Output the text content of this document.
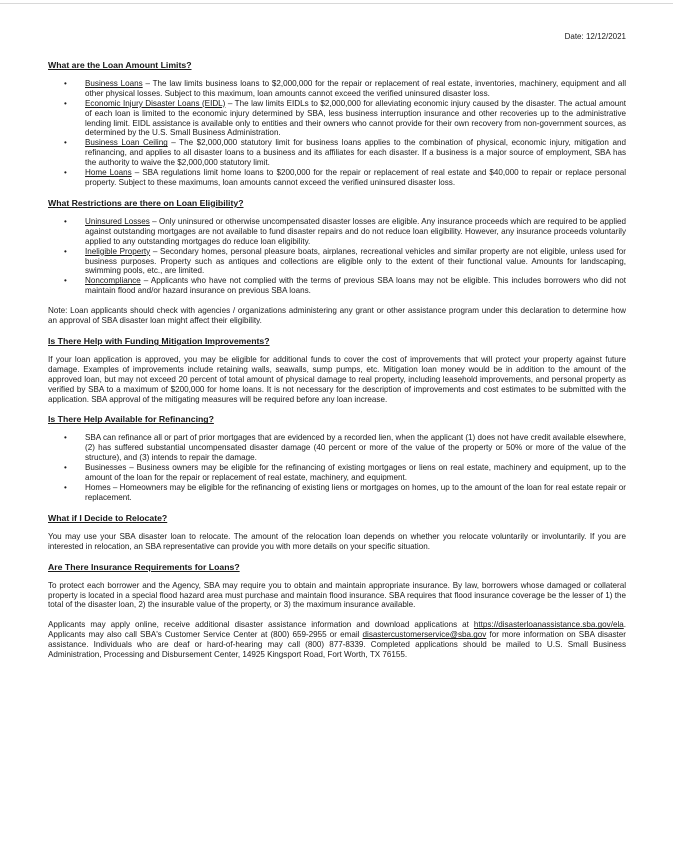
Date: 12/12/2021
What are the Loan Amount Limits?
• Business Loans – The law limits business loans to $2,000,000 for the repair or replacement of real estate, inventories, machinery, equipment and all other physical losses. Subject to this maximum, loan amounts cannot exceed the verified uninsured disaster loss.
• Economic Injury Disaster Loans (EIDL) – The law limits EIDLs to $2,000,000 for alleviating economic injury caused by the disaster. The actual amount of each loan is limited to the economic injury determined by SBA, less business interruption insurance and other recoveries up to the administrative lending limit. EIDL assistance is available only to entities and their owners who cannot provide for their own recovery from non-government sources, as determined by the U.S. Small Business Administration.
• Business Loan Ceiling – The $2,000,000 statutory limit for business loans applies to the combination of physical, economic injury, mitigation and refinancing, and applies to all disaster loans to a business and its affiliates for each disaster. If a business is a major source of employment, SBA has the authority to waive the $2,000,000 statutory limit.
• Home Loans – SBA regulations limit home loans to $200,000 for the repair or replacement of real estate and $40,000 to repair or replace personal property. Subject to these maximums, loan amounts cannot exceed the verified uninsured disaster loss.
What Restrictions are there on Loan Eligibility?
• Uninsured Losses – Only uninsured or otherwise uncompensated disaster losses are eligible. Any insurance proceeds which are required to be applied against outstanding mortgages are not available to fund disaster repairs and do not reduce loan eligibility. However, any insurance proceeds voluntarily applied to any outstanding mortgages do reduce loan eligibility.
• Ineligible Property – Secondary homes, personal pleasure boats, airplanes, recreational vehicles and similar property are not eligible, unless used for business purposes. Property such as antiques and collections are eligible only to the extent of their functional value. Amounts for landscaping, swimming pools, etc., are limited.
• Noncompliance – Applicants who have not complied with the terms of previous SBA loans may not be eligible. This includes borrowers who did not maintain flood and/or hazard insurance on previous SBA loans.

Note: Loan applicants should check with agencies / organizations administering any grant or other assistance program under this declaration to determine how an approval of SBA disaster loan might affect their eligibility.

Is There Help with Funding Mitigation Improvements?

If your loan application is approved, you may be eligible for additional funds to cover the cost of improvements that will protect your property against future damage. Examples of improvements include retaining walls, seawalls, sump pumps, etc. Mitigation loan money would be in addition to the amount of the approved loan, but may not exceed 20 percent of total amount of physical damage to real property, including leasehold improvements, and personal property as verified by SBA to a maximum of $200,000 for home loans. It is not necessary for the description of improvements and cost estimates to be submitted with the application. SBA approval of the mitigating measures will be required before any loan increase.

Is There Help Available for Refinancing?
• SBA can refinance all or part of prior mortgages that are evidenced by a recorded lien, when the applicant (1) does not have credit available elsewhere, (2) has suffered substantial uncompensated disaster damage (40 percent or more of the value of the property or 50% or more of the value of the structure), and (3) intends to repair the damage.
• Businesses – Business owners may be eligible for the refinancing of existing mortgages or liens on real estate, machinery and equipment, up to the amount of the loan for the repair or replacement of real estate, machinery, and equipment.
• Homes – Homeowners may be eligible for the refinancing of existing liens or mortgages on homes, up to the amount of the loan for real estate repair or replacement.
What if I Decide to Relocate?

You may use your SBA disaster loan to relocate. The amount of the relocation loan depends on whether you relocate voluntarily or involuntarily. If you are interested in relocation, an SBA representative can provide you with more details on your specific situation.

Are There Insurance Requirements for Loans?

To protect each borrower and the Agency, SBA may require you to obtain and maintain appropriate insurance. By law, borrowers whose damaged or collateral property is located in a special flood hazard area must purchase and maintain flood insurance. SBA requires that flood insurance coverage be the lesser of 1) the total of the disaster loan, 2) the insurable value of the property, or 3) the maximum insurance available.

Applicants may apply online, receive additional disaster assistance information and download applications at https://disasterloanassistance.sba.gov/ela. Applicants may also call SBA's Customer Service Center at (800) 659-2955 or email disastercustomerservice@sba.gov for more information on SBA disaster assistance. Individuals who are deaf or hard-of-hearing may call (800) 877-8339. Completed applications should be mailed to U.S. Small Business Administration, Processing and Disbursement Center, 14925 Kingsport Road, Fort Worth, TX 76155.
